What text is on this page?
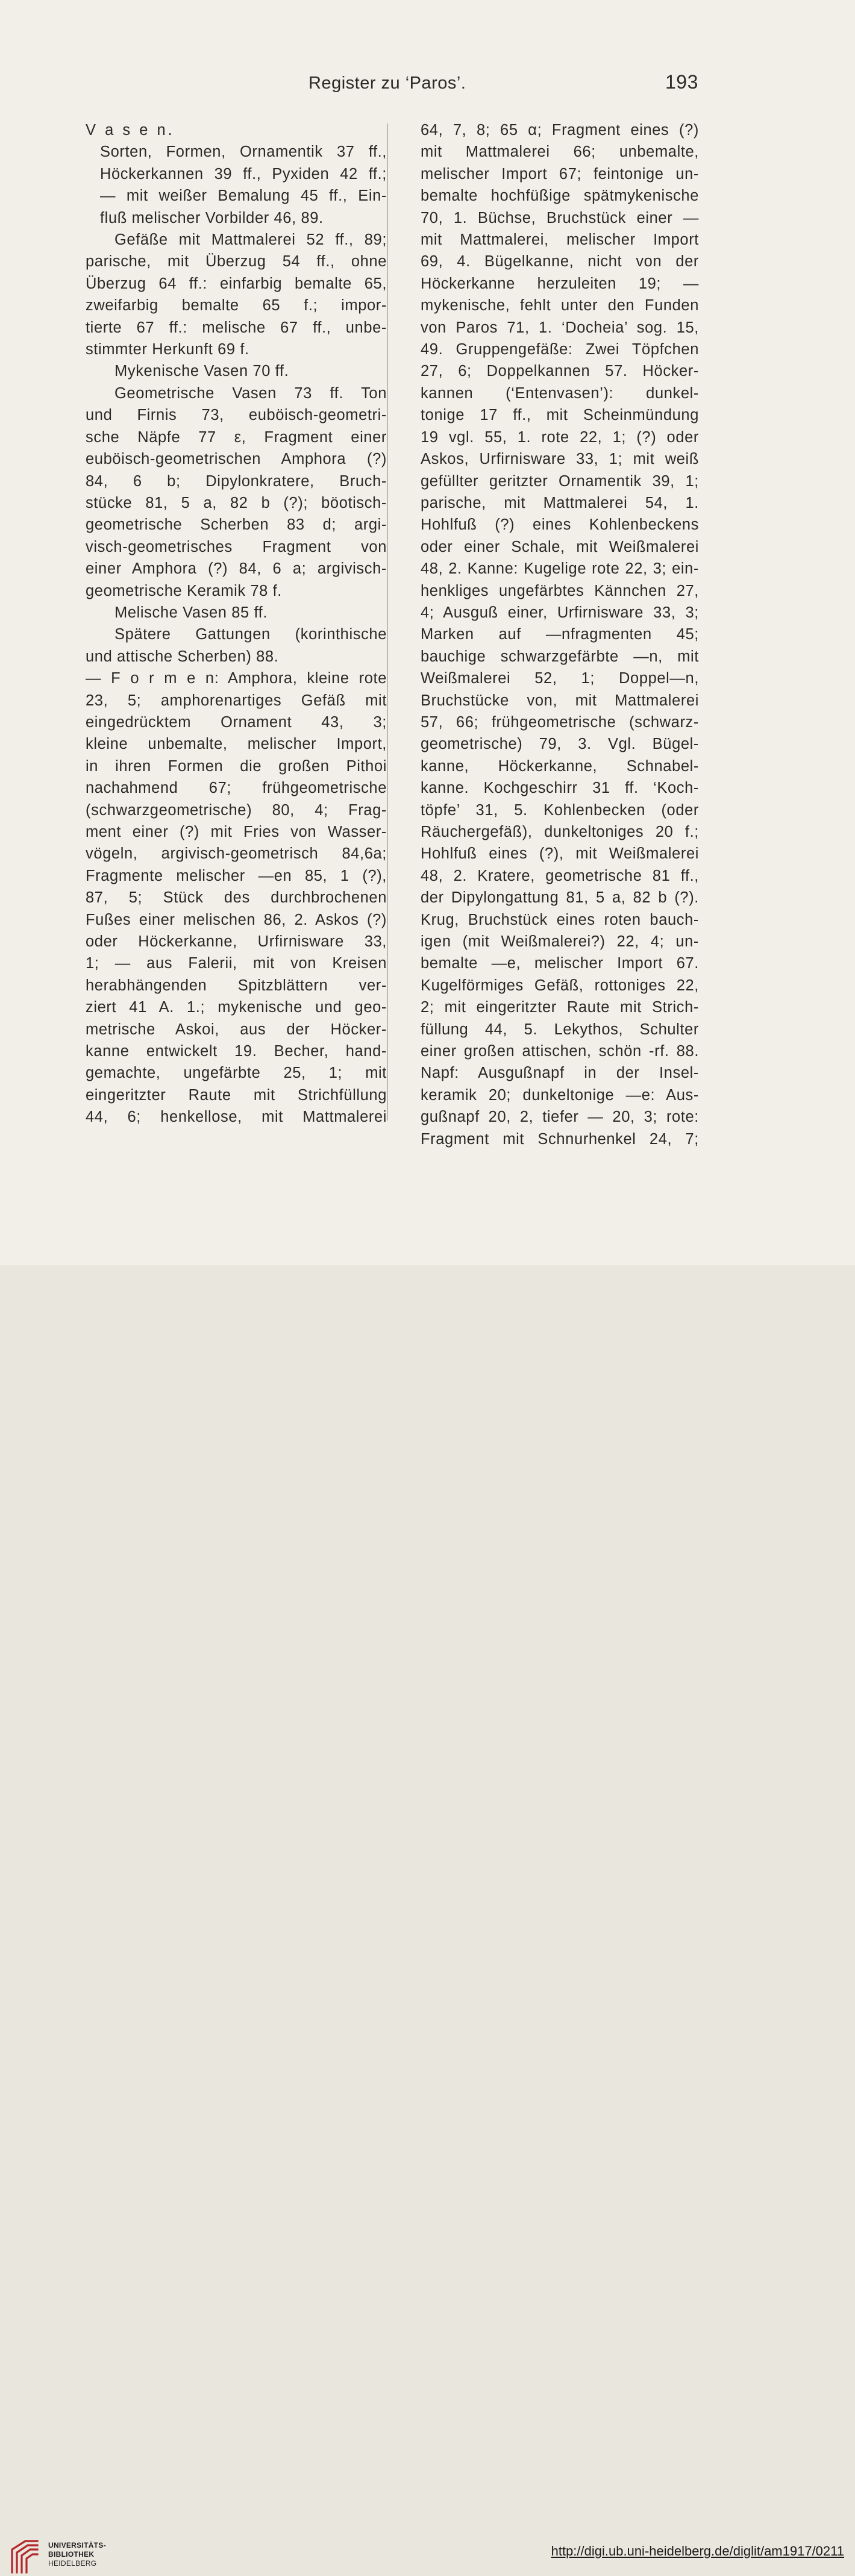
Register zu ‘Paros’.	193
V a s e n.
Sorten, Formen, Ornamentik 37 ff.,
Höckerkannen 39 ff., Pyxiden 42 ff.;
— mit weißer Bemalung 45 ff., Ein-
fluß melischer Vorbilder 46, 89.
Gefäße mit Mattmalerei 52 ff., 89;
parische, mit Überzug 54 ff., ohne
Überzug 64 ff.: einfarbig bemalte 65,
zweifarbig bemalte 65 f.; impor-
tierte 67 ff.: melische 67 ff., unbe-
stimmter Herkunft 69 f.
Mykenische Vasen 70 ff.
Geometrische Vasen 73 ff. Ton
und Firnis 73, euböisch-geometri-
sche Näpfe 77 ε, Fragment einer
euböisch-geometrischen Amphora (?)
84, 6 b; Dipylonkratere, Bruch-
stücke 81, 5 a, 82 b (?); böotisch-
geometrische Scherben 83 d; argi-
visch-geometrisches Fragment von
einer Amphora (?) 84, 6 a; argivisch-
geometrische Keramik 78 f.
Melische Vasen 85 ff.
Spätere Gattungen (korinthische
und attische Scherben) 88.
— F o r m e n: Amphora, kleine rote
23, 5; amphorenartiges Gefäß mit
eingedrücktem Ornament 43, 3;
kleine unbemalte, melischer Import,
in ihren Formen die großen Pithoi
nachahmend 67; frühgeometrische
(schwarzgeometrische) 80, 4; Frag-
ment einer (?) mit Fries von Wasser-
vögeln, argivisch-geometrisch 84,6a;
Fragmente melischer —en 85, 1 (?),
87, 5; Stück des durchbrochenen
Fußes einer melischen 86, 2. Askos (?)
oder Höckerkanne, Urfirnisware 33,
1; — aus Falerii, mit von Kreisen
herabhängenden Spitzblättern ver-
ziert 41 A. 1.; mykenische und geo-
metrische Askoi, aus der Höcker-
kanne entwickelt 19. Becher, hand-
gemachte, ungefärbte 25, 1; mit
eingeritzter Raute mit Strichfüllung
44, 6; henkellose, mit Mattmalerei
64, 7, 8; 65 α; Fragment eines (?)
mit Mattmalerei 66; unbemalte,
melischer Import 67; feintonige un-
bemalte hochfüßige spätmykenische
70, 1. Büchse, Bruchstück einer —
mit Mattmalerei, melischer Import
69, 4. Bügelkanne, nicht von der
Höckerkanne herzuleiten 19; —
mykenische, fehlt unter den Funden
von Paros 71, 1. ‘Docheia’ sog. 15,
49. Gruppengefäße: Zwei Töpfchen
27, 6; Doppelkannen 57. Höcker-
kannen (‘Entenvasen’): dunkel-
tonige 17 ff., mit Scheinmündung
19 vgl. 55, 1. rote 22, 1; (?) oder
Askos, Urfirnisware 33, 1; mit weiß
gefüllter geritzter Ornamentik 39, 1;
parische, mit Mattmalerei 54, 1.
Hohlfuß (?) eines Kohlenbeckens
oder einer Schale, mit Weißmalerei
48, 2. Kanne: Kugelige rote 22, 3; ein-
henkliges ungefärbtes Kännchen 27,
4; Ausguß einer, Urfirnisware 33, 3;
Marken auf —nfragmenten 45;
bauchige schwarzgefärbte —n, mit
Weißmalerei 52, 1; Doppel—n,
Bruchstücke von, mit Mattmalerei
57, 66; frühgeometrische (schwarz-
geometrische) 79, 3. Vgl. Bügel-
kanne, Höckerkanne, Schnabel-
kanne. Kochgeschirr 31 ff. ‘Koch-
töpfe’ 31, 5. Kohlenbecken (oder
Räuchergefäß), dunkeltoniges 20 f.;
Hohlfuß eines (?), mit Weißmalerei
48, 2. Kratere, geometrische 81 ff.,
der Dipylongattung 81, 5 a, 82 b (?).
Krug, Bruchstück eines roten bauch-
igen (mit Weißmalerei?) 22, 4; un-
bemalte —e, melischer Import 67.
Kugelförmiges Gefäß, rottoniges 22,
2; mit eingeritzter Raute mit Strich-
füllung 44, 5. Lekythos, Schulter
einer großen attischen, schön -rf. 88.
Napf: Ausgußnapf in der Insel-
keramik 20; dunkeltonige —e: Aus-
gußnapf 20, 2, tiefer — 20, 3; rote:
Fragment mit Schnurhenkel 24, 7;
UNIVERSITÄTS-
BIBLIOTHEK
HEIDELBERG
http://digi.ub.uni-heidelberg.de/diglit/am1917/0211
